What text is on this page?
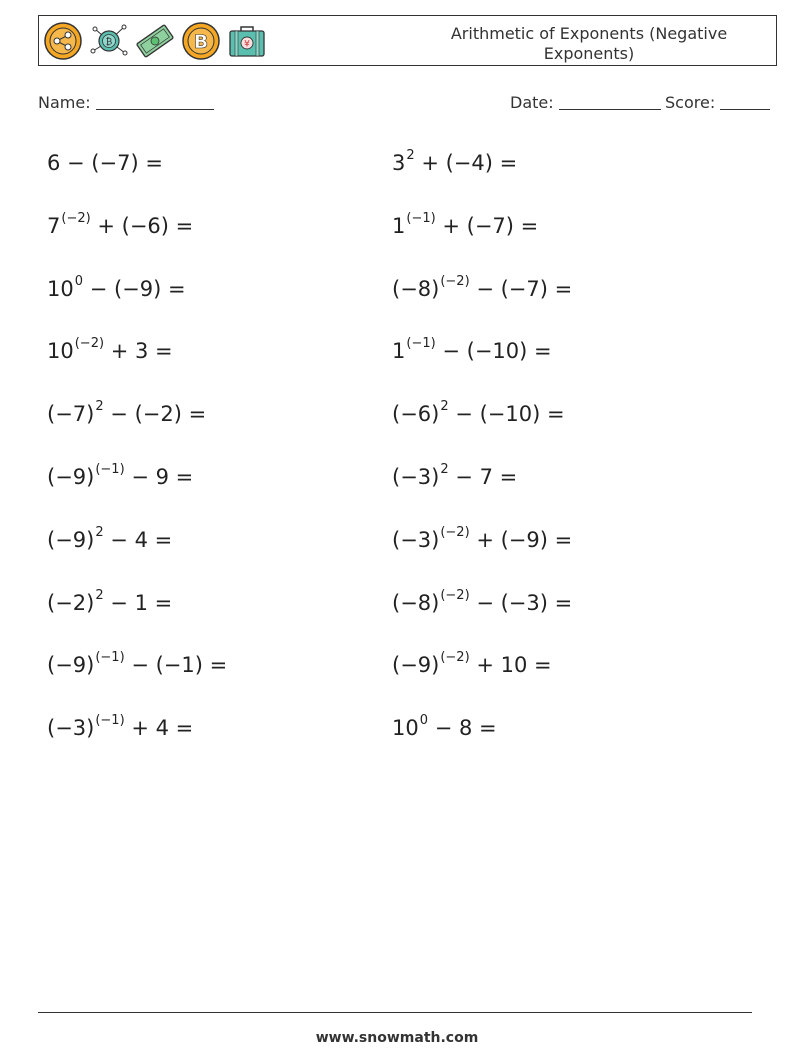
₿	B	¥
Arithmetic of Exponents (Negative Exponents)
Name:	Date:	Score:
6 − (−7) =
$7^{(-2)} + (-6)$ =
$10^0 - (-9)$ =
$10^{(-2)} + 3$ =
$(-7)^2 - (-2)$ =
$(-9)^{(-1)} - 9$ =
$(-9)^2 - 4$ =
$(-2)^2 - 1$ =
$(-9)^{(-1)} - (-1)$ =
$(-3)^{(-1)} + 4$ =
$3^2 + (-4)$ =
$1^{(-1)} + (-7)$ =
$(-8)^{(-2)} - (-7)$ =
$1^{(-1)} - (-10)$ =
$(-6)^2 - (-10)$ =
$(-3)^2 - 7$ =
$(-3)^{(-2)} + (-9)$ =
$(-8)^{(-2)} - (-3)$ =
$(-9)^{(-2)} + 10$ =
$10^0 - 8$ =
www.snowmath.com
